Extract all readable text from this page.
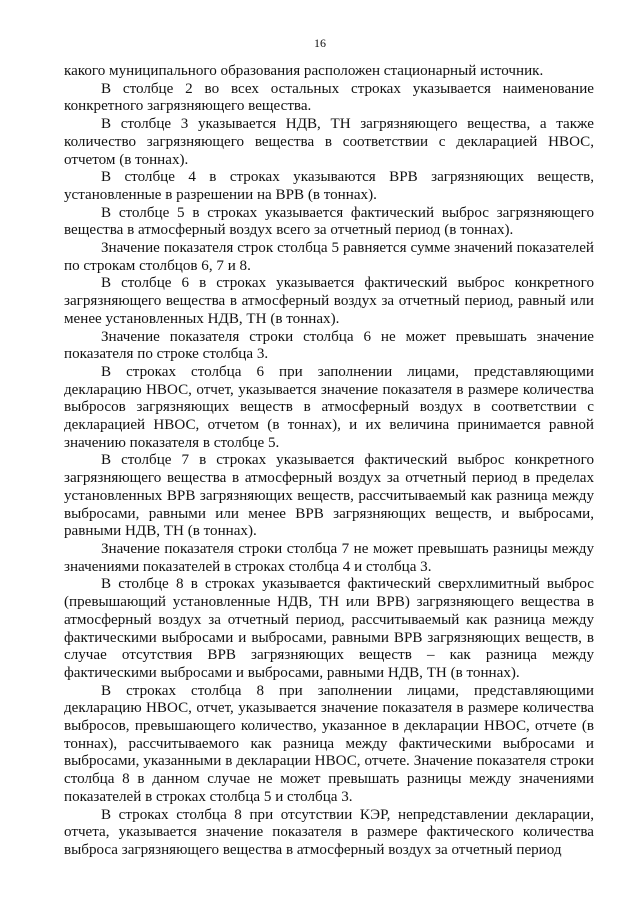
16

какого муниципального образования расположен стационарный источник.

В столбце 2 во всех остальных строках указывается наименование конкретного загрязняющего вещества.

В столбце 3 указывается НДВ, ТН загрязняющего вещества, а также количество загрязняющего вещества в соответствии с декларацией НВОС, отчетом (в тоннах).

В столбце 4 в строках указываются ВРВ загрязняющих веществ, установленные в разрешении на ВРВ (в тоннах).

В столбце 5 в строках указывается фактический выброс загрязняющего вещества в атмосферный воздух всего за отчетный период (в тоннах).

Значение показателя строк столбца 5 равняется сумме значений показателей по строкам столбцов 6, 7 и 8.

В столбце 6 в строках указывается фактический выброс конкретного загрязняющего вещества в атмосферный воздух за отчетный период, равный или менее установленных НДВ, ТН (в тоннах).

Значение показателя строки столбца 6 не может превышать значение показателя по строке столбца 3.

В строках столбца 6 при заполнении лицами, представляющими декларацию НВОС, отчет, указывается значение показателя в размере количества выбросов загрязняющих веществ в атмосферный воздух в соответствии с декларацией НВОС, отчетом (в тоннах), и их величина принимается равной значению показателя в столбце 5.

В столбце 7 в строках указывается фактический выброс конкретного загрязняющего вещества в атмосферный воздух за отчетный период в пределах установленных ВРВ загрязняющих веществ, рассчитываемый как разница между выбросами, равными или менее ВРВ загрязняющих веществ, и выбросами, равными НДВ, ТН (в тоннах).

Значение показателя строки столбца 7 не может превышать разницы между значениями показателей в строках столбца 4 и столбца 3.

В столбце 8 в строках указывается фактический сверхлимитный выброс (превышающий установленные НДВ, ТН или ВРВ) загрязняющего вещества в атмосферный воздух за отчетный период, рассчитываемый как разница между фактическими выбросами и выбросами, равными ВРВ загрязняющих веществ, в случае отсутствия ВРВ загрязняющих веществ – как разница между фактическими выбросами и выбросами, равными НДВ, ТН (в тоннах).

В строках столбца 8 при заполнении лицами, представляющими декларацию НВОС, отчет, указывается значение показателя в размере количества выбросов, превышающего количество, указанное в декларации НВОС, отчете (в тоннах), рассчитываемого как разница между фактическими выбросами и выбросами, указанными в декларации НВОС, отчете. Значение показателя строки столбца 8 в данном случае не может превышать разницы между значениями показателей в строках столбца 5 и столбца 3.

В строках столбца 8 при отсутствии КЭР, непредставлении декларации, отчета, указывается значение показателя в размере фактического количества выброса загрязняющего вещества в атмосферный воздух за отчетный период
